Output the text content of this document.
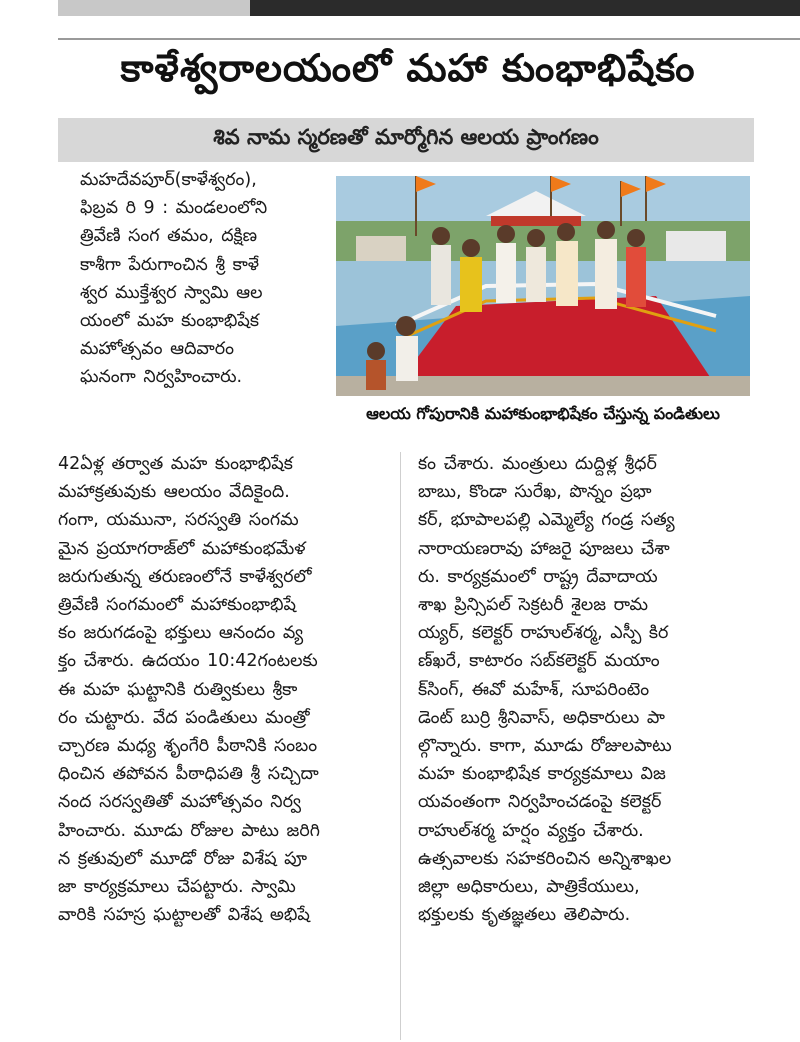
కాళేశ్వరాలయంలో మహా కుంభాభిషేకం
శివ నామ స్మరణతో మార్మోగిన ఆలయ ప్రాంగణం
మహదేవపూర్(కాళేశ్వరం),
ఫిబ్రవ రి 9 : మండలంలోని
త్రివేణి సంగ తమం, దక్షిణ
కాశీగా పేరుగాంచిన శ్రీ కాళే
శ్వర ముక్తేశ్వర స్వామి ఆల
యంలో మహ కుంభాభిషేక
మహోత్సవం ఆదివారం
ఘనంగా నిర్వహించారు.
ఆలయ గోపురానికి మహాకుంభాభిషేకం చేస్తున్న పండితులు
42ఏళ్ల తర్వాత మహ కుంభాభిషేక
మహాక్రతువుకు ఆలయం వేదికైంది.
గంగా, యమునా, సరస్వతి సంగమ
మైన ప్రయాగరాజ్‌లో మహాకుంభమేళ
జరుగుతున్న తరుణంలోనే కాళేశ్వరలో
త్రివేణి సంగమంలో మహాకుంభాభిషే
కం జరుగడంపై భక్తులు ఆనందం వ్య
క్తం చేశారు. ఉదయం 10:42గంటలకు
ఈ మహ ఘట్టానికి రుత్వికులు శ్రీకా
రం చుట్టారు. వేద పండితులు మంత్రో
చ్చారణ మధ్య శృంగేరి పీఠానికి సంబం
ధించిన తపోవన పీఠాధిపతి శ్రీ సచ్చిదా
నంద సరస్వతితో మహోత్సవం నిర్వ
హించారు. మూడు రోజుల పాటు జరిగి
న క్రతువులో మూడో రోజు విశేష పూ
జా కార్యక్రమాలు చేపట్టారు. స్వామి
వారికి సహస్ర ఘట్టాలతో విశేష అభిషే
కం చేశారు. మంత్రులు దుద్దిళ్ల శ్రీధర్
బాబు, కొండా సురేఖ, పొన్నం ప్రభా
కర్, భూపాలపల్లి ఎమ్మెల్యే గండ్ర సత్య
నారాయణరావు హాజరై పూజలు చేశా
రు. కార్యక్రమంలో రాష్ట్ర దేవాదాయ
శాఖ ప్రిన్సిపల్ సెక్రటరీ శైలజ రామ
య్యర్, కలెక్టర్ రాహుల్‌శర్మ, ఎస్పీ కిర
ణ్‌ఖరే, కాటారం సబ్‌కలెక్టర్ మయాం
క్‌సింగ్, ఈవో మహేశ్, సూపరింటెం
డెంట్ బుర్రి శ్రీనివాస్, అధికారులు పా
ల్గొన్నారు. కాగా, మూడు రోజులపాటు
మహ కుంభాభిషేక కార్యక్రమాలు విజ
యవంతంగా నిర్వహించడంపై కలెక్టర్
రాహుల్‌శర్మ హర్షం వ్యక్తం చేశారు.
ఉత్సవాలకు సహకరించిన అన్నిశాఖల
జిల్లా అధికారులు, పాత్రికేయులు,
భక్తులకు కృతజ్ఞతలు తెలిపారు.
